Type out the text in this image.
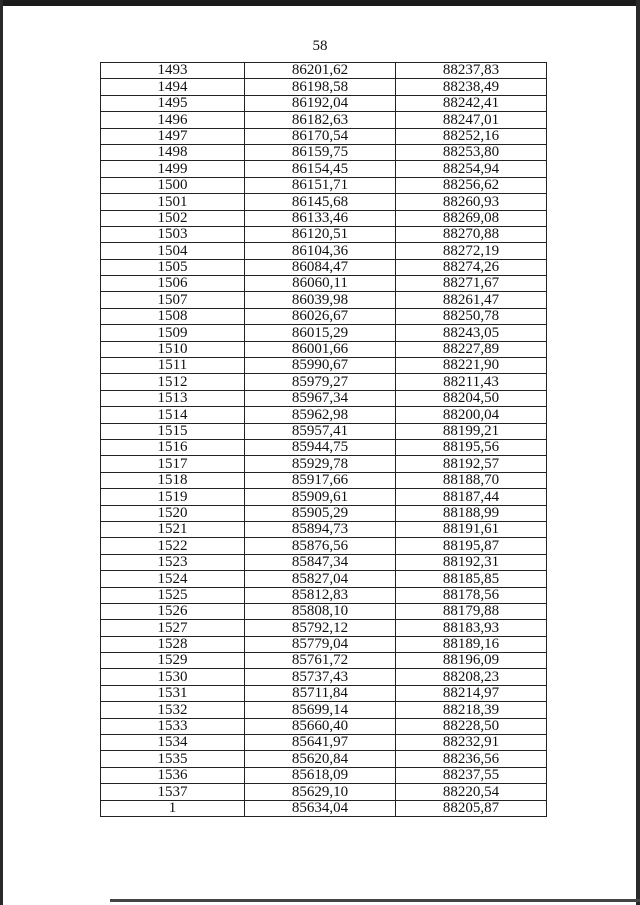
58
1493	86201,62	88237,83
1494	86198,58	88238,49
1495	86192,04	88242,41
1496	86182,63	88247,01
1497	86170,54	88252,16
1498	86159,75	88253,80
1499	86154,45	88254,94
1500	86151,71	88256,62
1501	86145,68	88260,93
1502	86133,46	88269,08
1503	86120,51	88270,88
1504	86104,36	88272,19
1505	86084,47	88274,26
1506	86060,11	88271,67
1507	86039,98	88261,47
1508	86026,67	88250,78
1509	86015,29	88243,05
1510	86001,66	88227,89
1511	85990,67	88221,90
1512	85979,27	88211,43
1513	85967,34	88204,50
1514	85962,98	88200,04
1515	85957,41	88199,21
1516	85944,75	88195,56
1517	85929,78	88192,57
1518	85917,66	88188,70
1519	85909,61	88187,44
1520	85905,29	88188,99
1521	85894,73	88191,61
1522	85876,56	88195,87
1523	85847,34	88192,31
1524	85827,04	88185,85
1525	85812,83	88178,56
1526	85808,10	88179,88
1527	85792,12	88183,93
1528	85779,04	88189,16
1529	85761,72	88196,09
1530	85737,43	88208,23
1531	85711,84	88214,97
1532	85699,14	88218,39
1533	85660,40	88228,50
1534	85641,97	88232,91
1535	85620,84	88236,56
1536	85618,09	88237,55
1537	85629,10	88220,54
1	85634,04	88205,87
